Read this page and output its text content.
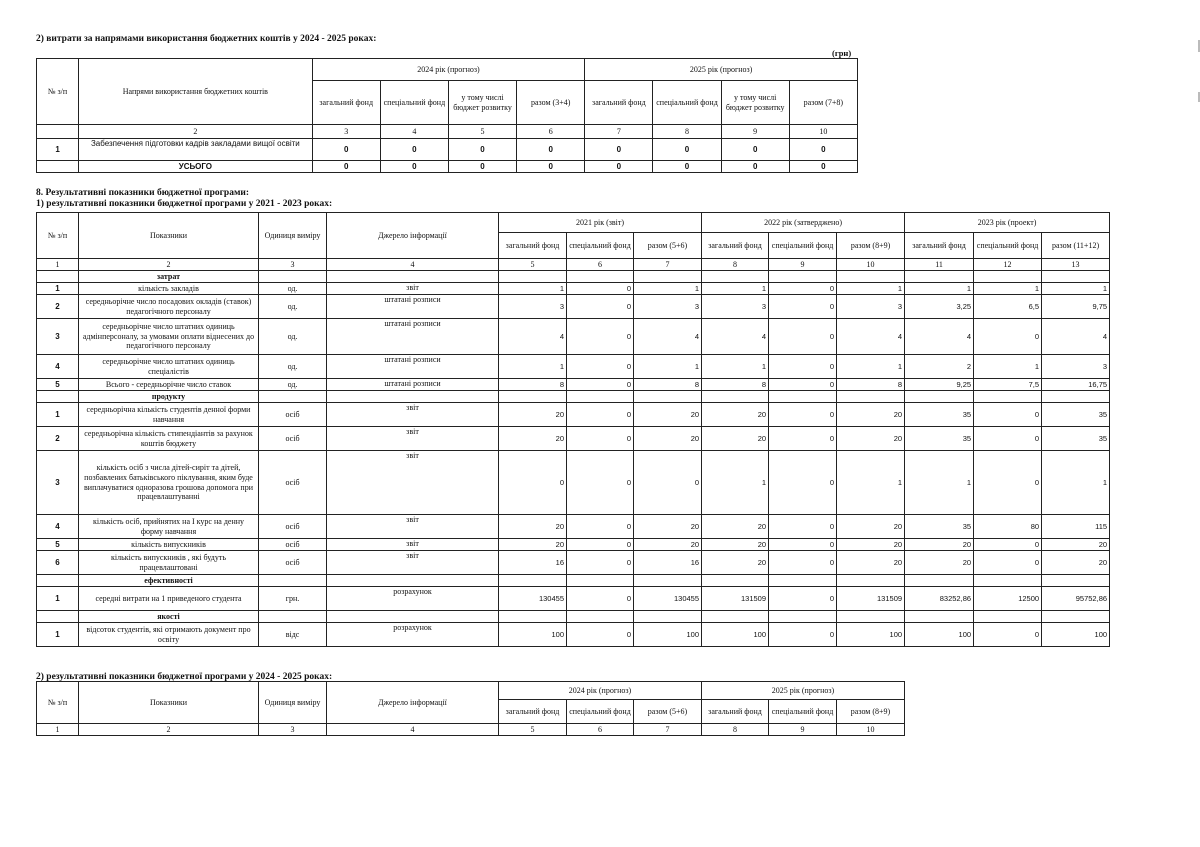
2) витрати за напрямами використання бюджетних коштів у 2024 - 2025 роках:
(грн)
№ з/п	Напрями використання бюджетних коштів	2024 рік (прогноз)				2025 рік (прогноз)			
		загальний фонд	спеціальний фонд	у тому числі бюджет розвитку	разом (3+4)	загальний фонд	спеціальний фонд	у тому числі бюджет розвитку	разом (7+8)
	2	3	4	5	6	7	8	9	10
1	Забезпечення підготовки кадрів закладами вищої освіти	0	0	0	0	0	0	0	0
	УСЬОГО	0	0	0	0	0	0	0	0
8. Результативні показники бюджетної програми:
1) результативні показники бюджетної програми у 2021 - 2023 роках:
№ з/п	Показники	Одиниця виміру	Джерело інформації	2021 рік (звіт)			2022 рік (затверджено)			2023 рік (проект)		
				загальний фонд	спеціальний фонд	разом (5+6)	загальний фонд	спеціальний фонд	разом (8+9)	загальний фонд	спеціальний фонд	разом (11+12)
1	2	3	4	5	6	7	8	9	10	11	12	13
	затрат											
1	кількість закладів	од.	звіт	1	0	1	1	0	1	1	1	1
2	середньорічне число посадових окладів (ставок) педагогічного персоналу	од.	штатані розписи	3	0	3	3	0	3	3,25	6,5	9,75
3	середньорічне число штатних одиниць адмінперсоналу, за умовами оплати віднесених до педагогічного персоналу	од.	штатані розписи	4	0	4	4	0	4	4	0	4
4	середньорічне число штатних одиниць спеціалістів	од.	штатані розписи	1	0	1	1	0	1	2	1	3
5	Всього - середньорічне число ставок	од.	штатані розписи	8	0	8	8	0	8	9,25	7,5	16,75
	продукту											
1	середньорічна кількість студентів денної форми навчання	осіб	звіт	20	0	20	20	0	20	35	0	35
2	середньорічна кількість стипендіантів за рахунок коштів бюджету	осіб	звіт	20	0	20	20	0	20	35	0	35
3	кількість осіб з числа дітей-сиріт та дітей, позбавлених батьківського піклування, яким буде виплачуватися одноразова грошова допомога при працевлаштуванні	осіб	звіт	0	0	0	1	0	1	1	0	1
4	кількість осіб, прийнятих на I курс на денну форму навчання	осіб	звіт	20	0	20	20	0	20	35	80	115
5	кількість випускників	осіб	звіт	20	0	20	20	0	20	20	0	20
6	кількість випускників , які будуть працевлаштовані	осіб	звіт	16	0	16	20	0	20	20	0	20
	ефективності											
1	середні витрати на 1 приведеного студента	грн.	розрахунок	130455	0	130455	131509	0	131509	83252,86	12500	95752,86
	якості											
1	відсоток студентів, які отримають документ про освіту	відс	розрахунок	100	0	100	100	0	100	100	0	100
2) результативні показники бюджетної програми у 2024 - 2025 роках:
№ з/п	Показники	Одиниця виміру	Джерело інформації	2024 рік (прогноз)			2025 рік (прогноз)		
				загальний фонд	спеціальний фонд	разом (5+6)	загальний фонд	спеціальний фонд	разом (8+9)
1	2	3	4	5	6	7	8	9	10
